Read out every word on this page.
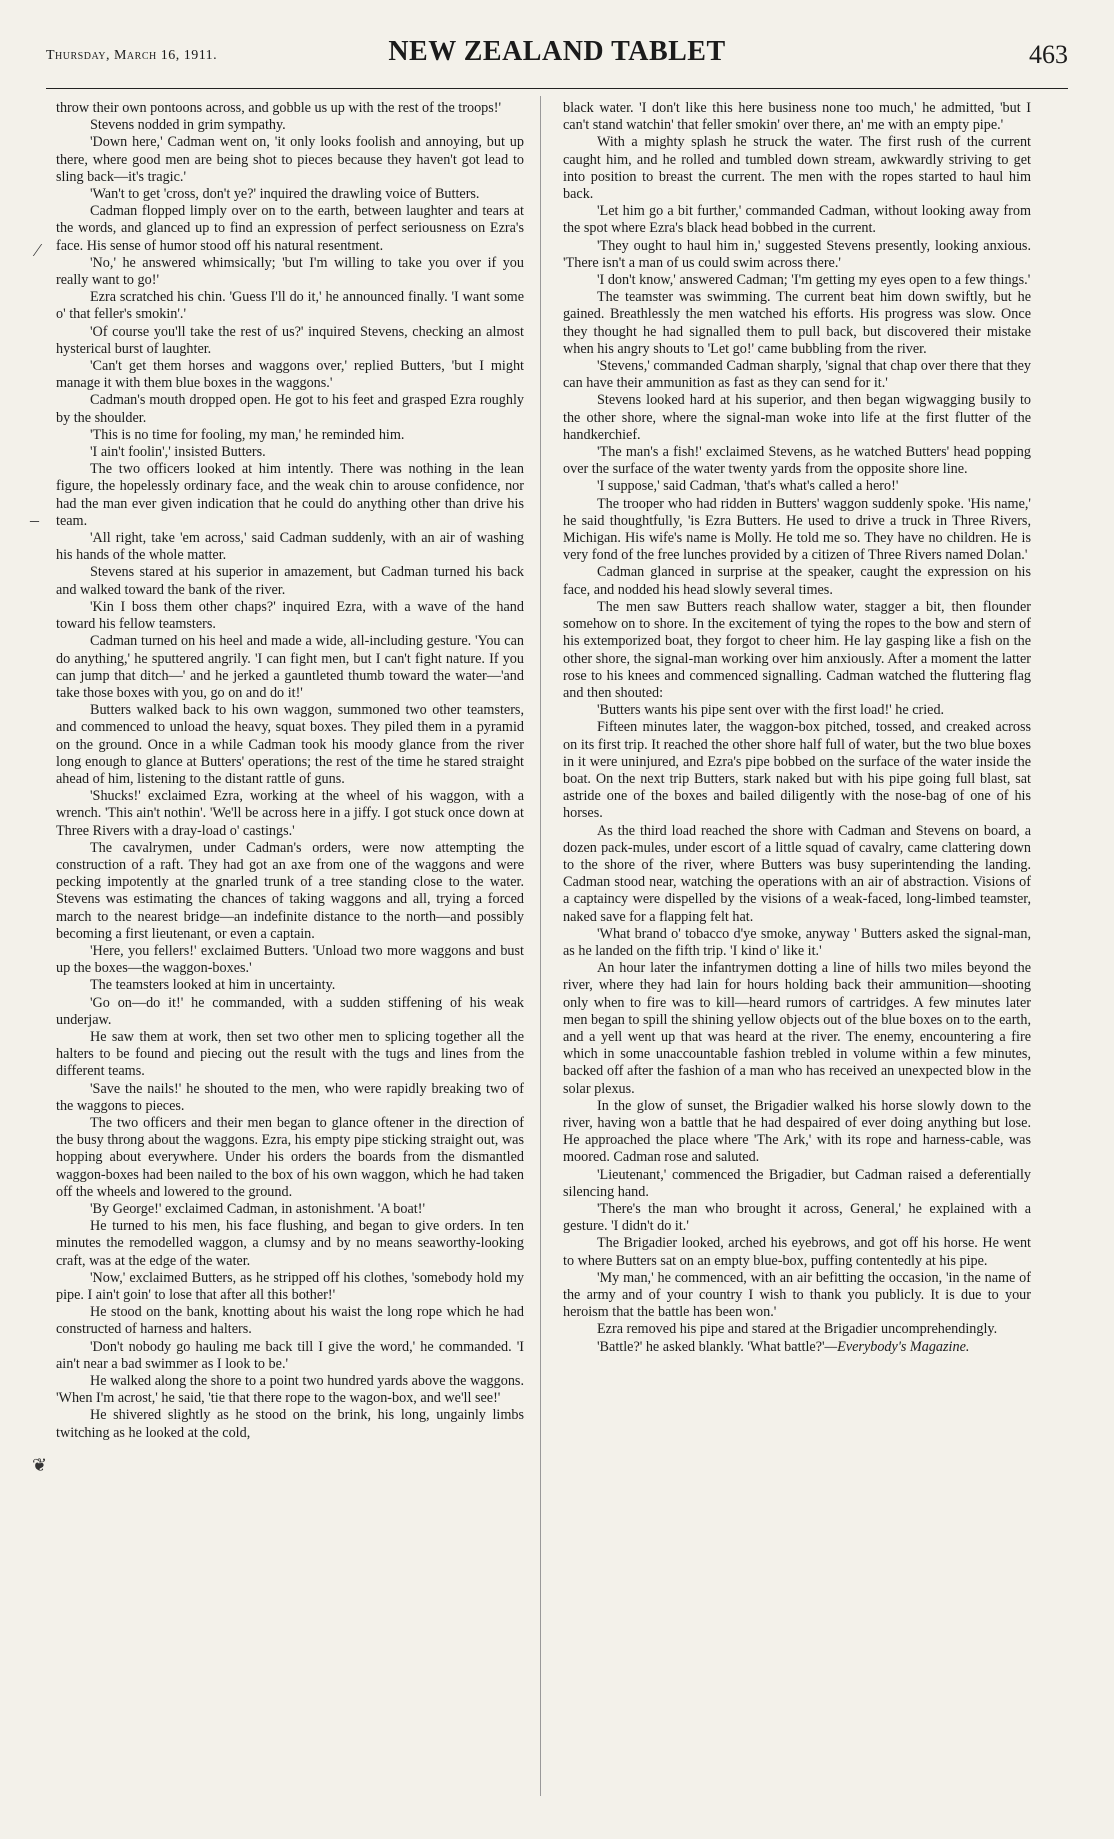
Thursday, March 16, 1911.	NEW ZEALAND TABLET	463

throw their own pontoons across, and gobble us up with the rest of the troops!'

Stevens nodded in grim sympathy.

'Down here,' Cadman went on, 'it only looks foolish and annoying, but up there, where good men are being shot to pieces because they haven't got lead to sling back—it's tragic.'

'Wan't to get 'cross, don't ye?' inquired the drawling voice of Butters.

Cadman flopped limply over on to the earth, between laughter and tears at the words, and glanced up to find an expression of perfect seriousness on Ezra's face. His sense of humor stood off his natural resentment.

'No,' he answered whimsically; 'but I'm willing to take you over if you really want to go!'

Ezra scratched his chin. 'Guess I'll do it,' he announced finally. 'I want some o' that feller's smokin'.'

'Of course you'll take the rest of us?' inquired Stevens, checking an almost hysterical burst of laughter.

'Can't get them horses and waggons over,' replied Butters, 'but I might manage it with them blue boxes in the waggons.'

Cadman's mouth dropped open. He got to his feet and grasped Ezra roughly by the shoulder.

'This is no time for fooling, my man,' he reminded him.

'I ain't foolin',' insisted Butters.

The two officers looked at him intently. There was nothing in the lean figure, the hopelessly ordinary face, and the weak chin to arouse confidence, nor had the man ever given indication that he could do anything other than drive his team.

'All right, take 'em across,' said Cadman suddenly, with an air of washing his hands of the whole matter.

Stevens stared at his superior in amazement, but Cadman turned his back and walked toward the bank of the river.

'Kin I boss them other chaps?' inquired Ezra, with a wave of the hand toward his fellow teamsters.

Cadman turned on his heel and made a wide, all-including gesture. 'You can do anything,' he sputtered angrily. 'I can fight men, but I can't fight nature. If you can jump that ditch—' and he jerked a gauntleted thumb toward the water—'and take those boxes with you, go on and do it!'

Butters walked back to his own waggon, summoned two other teamsters, and commenced to unload the heavy, squat boxes. They piled them in a pyramid on the ground. Once in a while Cadman took his moody glance from the river long enough to glance at Butters' operations; the rest of the time he stared straight ahead of him, listening to the distant rattle of guns.

'Shucks!' exclaimed Ezra, working at the wheel of his waggon, with a wrench. 'This ain't nothin'. 'We'll be across here in a jiffy. I got stuck once down at Three Rivers with a dray-load o' castings.'

The cavalrymen, under Cadman's orders, were now attempting the construction of a raft. They had got an axe from one of the waggons and were pecking impotently at the gnarled trunk of a tree standing close to the water. Stevens was estimating the chances of taking waggons and all, trying a forced march to the nearest bridge—an indefinite distance to the north—and possibly becoming a first lieutenant, or even a captain.

'Here, you fellers!' exclaimed Butters. 'Unload two more waggons and bust up the boxes—the waggon-boxes.'

The teamsters looked at him in uncertainty.

'Go on—do it!' he commanded, with a sudden stiffening of his weak underjaw.

He saw them at work, then set two other men to splicing together all the halters to be found and piecing out the result with the tugs and lines from the different teams.

'Save the nails!' he shouted to the men, who were rapidly breaking two of the waggons to pieces.

The two officers and their men began to glance oftener in the direction of the busy throng about the waggons. Ezra, his empty pipe sticking straight out, was hopping about everywhere. Under his orders the boards from the dismantled waggon-boxes had been nailed to the box of his own waggon, which he had taken off the wheels and lowered to the ground.

'By George!' exclaimed Cadman, in astonishment. 'A boat!'

He turned to his men, his face flushing, and began to give orders. In ten minutes the remodelled waggon, a clumsy and by no means seaworthy-looking craft, was at the edge of the water.

'Now,' exclaimed Butters, as he stripped off his clothes, 'somebody hold my pipe. I ain't goin' to lose that after all this bother!'

He stood on the bank, knotting about his waist the long rope which he had constructed of harness and halters.

'Don't nobody go hauling me back till I give the word,' he commanded. 'I ain't near a bad swimmer as I look to be.'

He walked along the shore to a point two hundred yards above the waggons. 'When I'm acrost,' he said, 'tie that there rope to the wagon-box, and we'll see!'

He shivered slightly as he stood on the brink, his long, ungainly limbs twitching as he looked at the cold,

black water. 'I don't like this here business none too much,' he admitted, 'but I can't stand watchin' that feller smokin' over there, an' me with an empty pipe.'

With a mighty splash he struck the water. The first rush of the current caught him, and he rolled and tumbled down stream, awkwardly striving to get into position to breast the current. The men with the ropes started to haul him back.

'Let him go a bit further,' commanded Cadman, without looking away from the spot where Ezra's black head bobbed in the current.

'They ought to haul him in,' suggested Stevens presently, looking anxious. 'There isn't a man of us could swim across there.'

'I don't know,' answered Cadman; 'I'm getting my eyes open to a few things.'

The teamster was swimming. The current beat him down swiftly, but he gained. Breathlessly the men watched his efforts. His progress was slow. Once they thought he had signalled them to pull back, but discovered their mistake when his angry shouts to 'Let go!' came bubbling from the river.

'Stevens,' commanded Cadman sharply, 'signal that chap over there that they can have their ammunition as fast as they can send for it.'

Stevens looked hard at his superior, and then began wigwagging busily to the other shore, where the signal-man woke into life at the first flutter of the handkerchief.

'The man's a fish!' exclaimed Stevens, as he watched Butters' head popping over the surface of the water twenty yards from the opposite shore line.

'I suppose,' said Cadman, 'that's what's called a hero!'

The trooper who had ridden in Butters' waggon suddenly spoke. 'His name,' he said thoughtfully, 'is Ezra Butters. He used to drive a truck in Three Rivers, Michigan. His wife's name is Molly. He told me so. They have no children. He is very fond of the free lunches provided by a citizen of Three Rivers named Dolan.'

Cadman glanced in surprise at the speaker, caught the expression on his face, and nodded his head slowly several times.

The men saw Butters reach shallow water, stagger a bit, then flounder somehow on to shore. In the excitement of tying the ropes to the bow and stern of his extemporized boat, they forgot to cheer him. He lay gasping like a fish on the other shore, the signal-man working over him anxiously. After a moment the latter rose to his knees and commenced signalling. Cadman watched the fluttering flag and then shouted:

'Butters wants his pipe sent over with the first load!' he cried.

Fifteen minutes later, the waggon-box pitched, tossed, and creaked across on its first trip. It reached the other shore half full of water, but the two blue boxes in it were uninjured, and Ezra's pipe bobbed on the surface of the water inside the boat. On the next trip Butters, stark naked but with his pipe going full blast, sat astride one of the boxes and bailed diligently with the nose-bag of one of his horses.

As the third load reached the shore with Cadman and Stevens on board, a dozen pack-mules, under escort of a little squad of cavalry, came clattering down to the shore of the river, where Butters was busy superintending the landing. Cadman stood near, watching the operations with an air of abstraction. Visions of a captaincy were dispelled by the visions of a weak-faced, long-limbed teamster, naked save for a flapping felt hat.

'What brand o' tobacco d'ye smoke, anyway ' Butters asked the signal-man, as he landed on the fifth trip. 'I kind o' like it.'

An hour later the infantrymen dotting a line of hills two miles beyond the river, where they had lain for hours holding back their ammunition—shooting only when to fire was to kill—heard rumors of cartridges. A few minutes later men began to spill the shining yellow objects out of the blue boxes on to the earth, and a yell went up that was heard at the river. The enemy, encountering a fire which in some unaccountable fashion trebled in volume within a few minutes, backed off after the fashion of a man who has received an unexpected blow in the solar plexus.

In the glow of sunset, the Brigadier walked his horse slowly down to the river, having won a battle that he had despaired of ever doing anything but lose. He approached the place where 'The Ark,' with its rope and harness-cable, was moored. Cadman rose and saluted.

'Lieutenant,' commenced the Brigadier, but Cadman raised a deferentially silencing hand.

'There's the man who brought it across, General,' he explained with a gesture. 'I didn't do it.'

The Brigadier looked, arched his eyebrows, and got off his horse. He went to where Butters sat on an empty blue-box, puffing contentedly at his pipe.

'My man,' he commenced, with an air befitting the occasion, 'in the name of the army and of your country I wish to thank you publicly. It is due to your heroism that the battle has been won.'

Ezra removed his pipe and stared at the Brigadier uncomprehendingly.

'Battle?' he asked blankly. 'What battle?'—Everybody's Magazine.

⁄
–
❦
